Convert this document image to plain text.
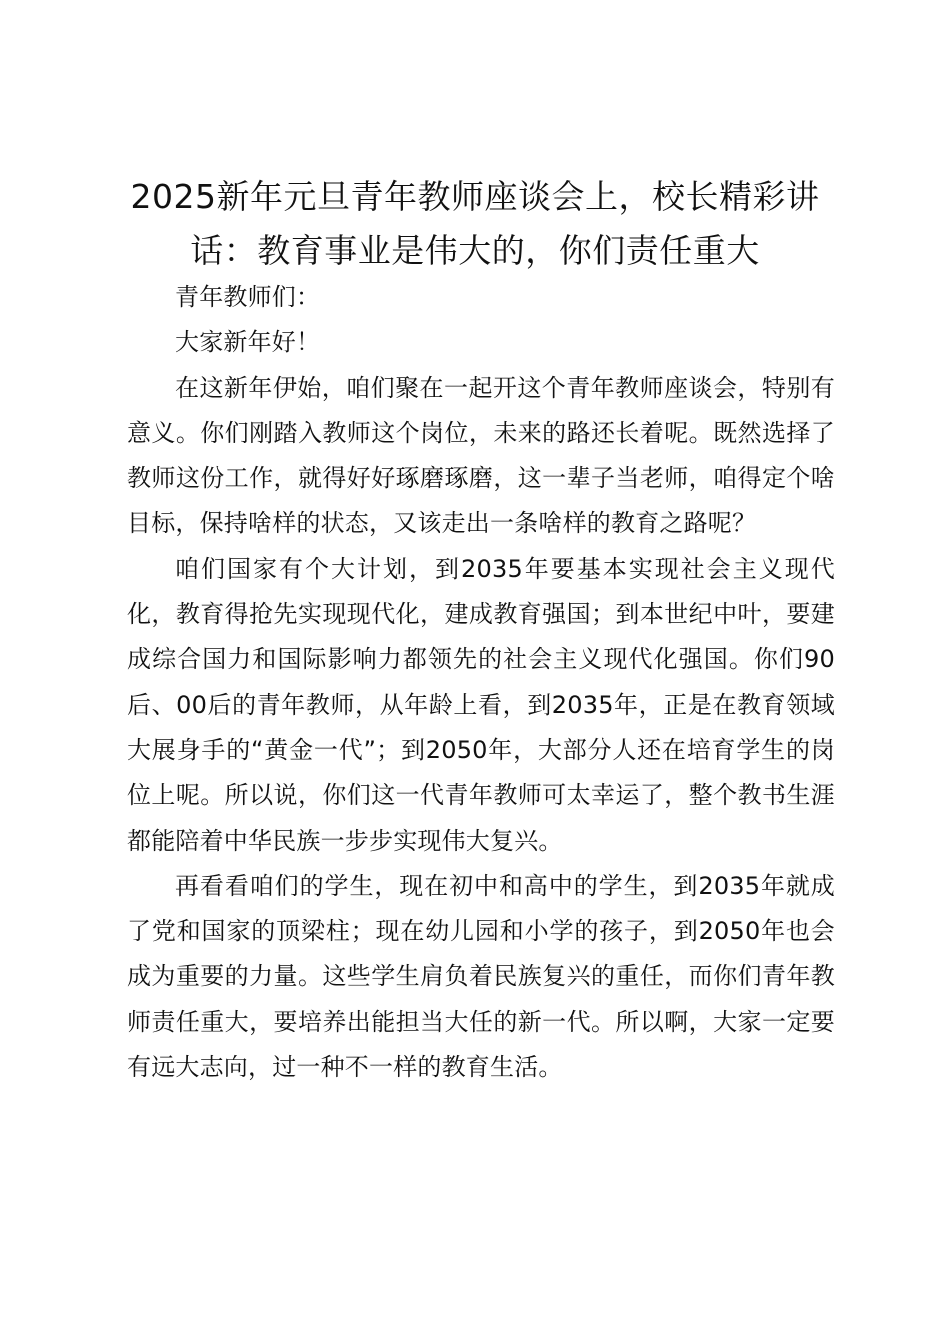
2025新年元旦青年教师座谈会上，校长精彩讲话：教育事业是伟大的，你们责任重大

青年教师们：

大家新年好！

在这新年伊始，咱们聚在一起开这个青年教师座谈会，特别有意义。你们刚踏入教师这个岗位，未来的路还长着呢。既然选择了教师这份工作，就得好好琢磨琢磨，这一辈子当老师，咱得定个啥目标，保持啥样的状态，又该走出一条啥样的教育之路呢？

咱们国家有个大计划，到2035年要基本实现社会主义现代化，教育得抢先实现现代化，建成教育强国；到本世纪中叶，要建成综合国力和国际影响力都领先的社会主义现代化强国。你们90后、00后的青年教师，从年龄上看，到2035年，正是在教育领域大展身手的“黄金一代”；到2050年，大部分人还在培育学生的岗位上呢。所以说，你们这一代青年教师可太幸运了，整个教书生涯都能陪着中华民族一步步实现伟大复兴。

再看看咱们的学生，现在初中和高中的学生，到2035年就成了党和国家的顶梁柱；现在幼儿园和小学的孩子，到2050年也会成为重要的力量。这些学生肩负着民族复兴的重任，而你们青年教师责任重大，要培养出能担当大任的新一代。所以啊，大家一定要有远大志向，过一种不一样的教育生活。
